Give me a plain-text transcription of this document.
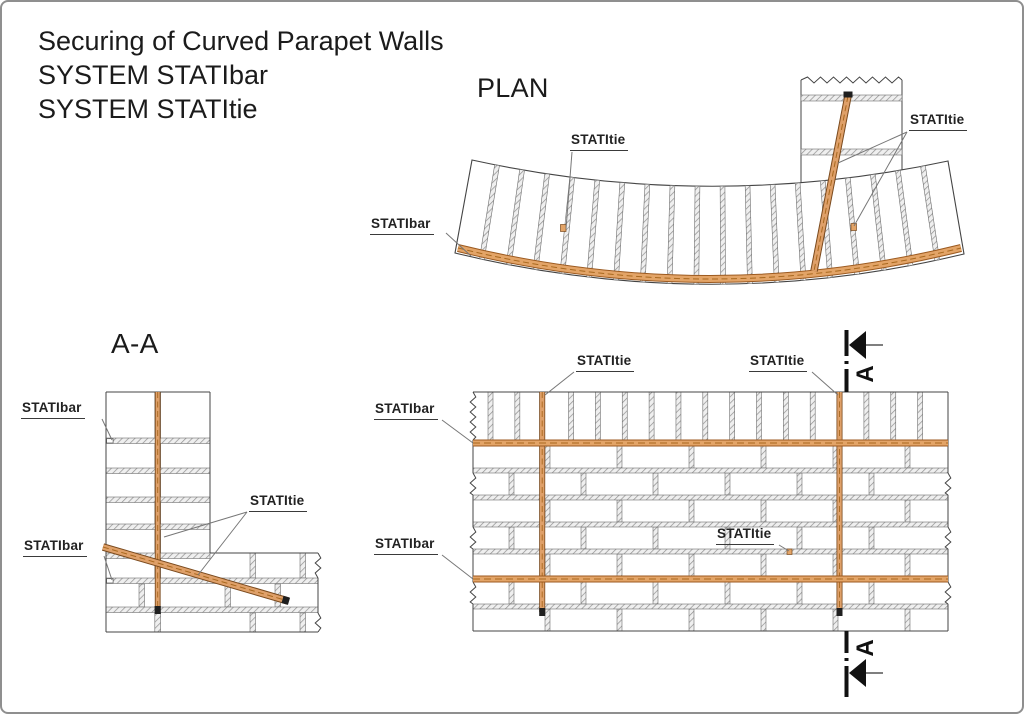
A
A
Securing of Curved Parapet Walls
SYSTEM STATIbar
SYSTEM STATItie
PLAN
A-A
STATItie
STATItie
STATIbar
STATIbar
STATIbar
STATItie
STATItie	STATItie
STATIbar
STATIbar
STATItie
